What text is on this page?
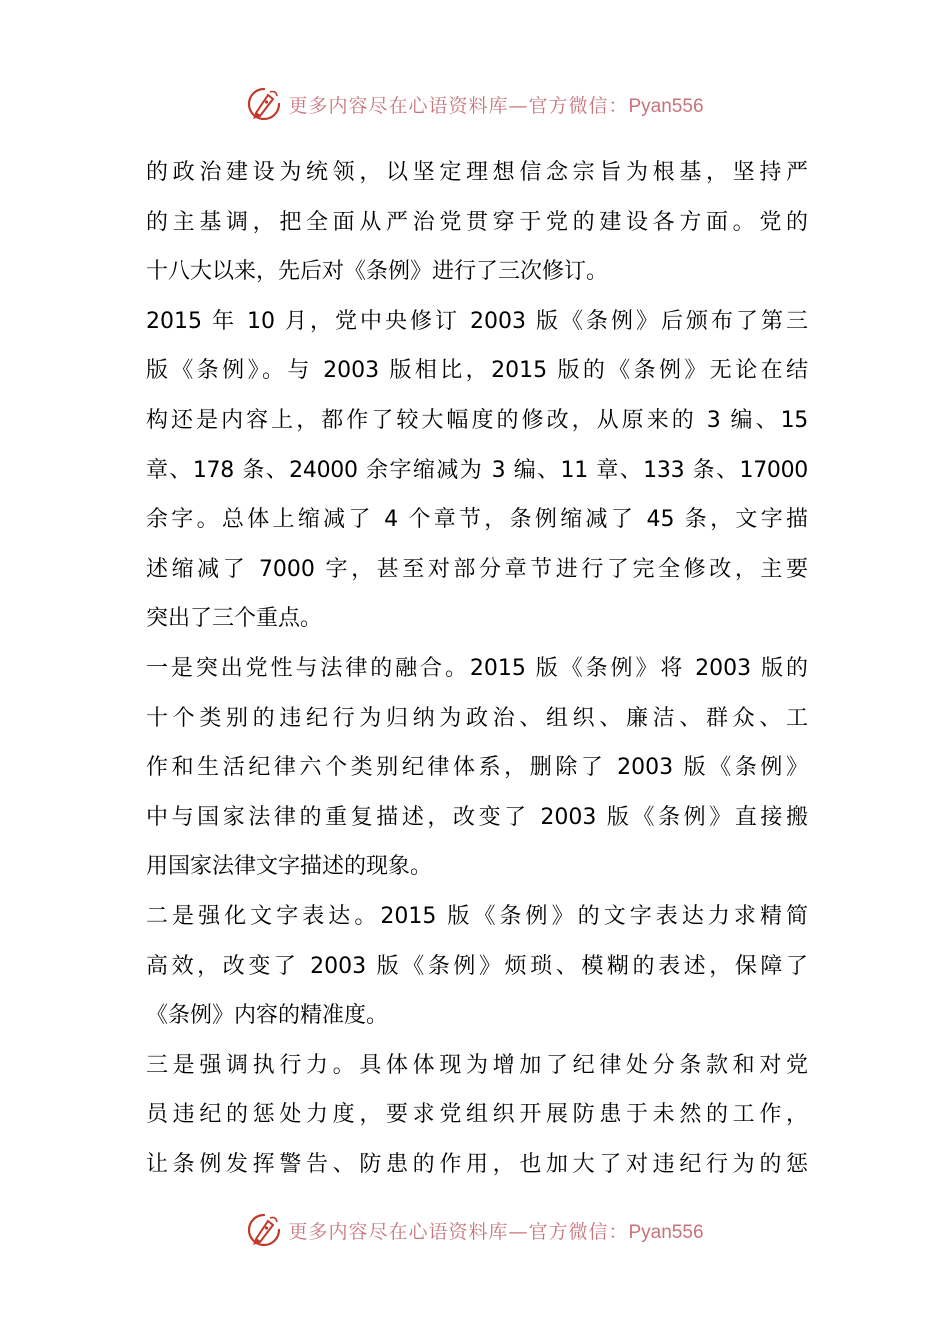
更多内容尽在心语资料库—官方微信：Pyan556
的政治建设为统领，以坚定理想信念宗旨为根基，坚持严
的主基调，把全面从严治党贯穿于党的建设各方面。党的
十八大以来，先后对《条例》进行了三次修订。
2015 年 10 月，党中央修订 2003 版《条例》后颁布了第三
版《条例》。与 2003 版相比，2015 版的《条例》无论在结
构还是内容上，都作了较大幅度的修改，从原来的 3 编、15
章、178 条、24000 余字缩减为 3 编、11 章、133 条、17000
余字。总体上缩减了 4 个章节，条例缩减了 45 条，文字描
述缩减了 7000 字，甚至对部分章节进行了完全修改，主要
突出了三个重点。
一是突出党性与法律的融合。2015 版《条例》将 2003 版的
十个类别的违纪行为归纳为政治、组织、廉洁、群众、工
作和生活纪律六个类别纪律体系，删除了 2003 版《条例》
中与国家法律的重复描述，改变了 2003 版《条例》直接搬
用国家法律文字描述的现象。
二是强化文字表达。2015 版《条例》的文字表达力求精简
高效，改变了 2003 版《条例》烦琐、模糊的表述，保障了
《条例》内容的精准度。
三是强调执行力。具体体现为增加了纪律处分条款和对党
员违纪的惩处力度，要求党组织开展防患于未然的工作，
让条例发挥警告、防患的作用，也加大了对违纪行为的惩
更多内容尽在心语资料库—官方微信：Pyan556
